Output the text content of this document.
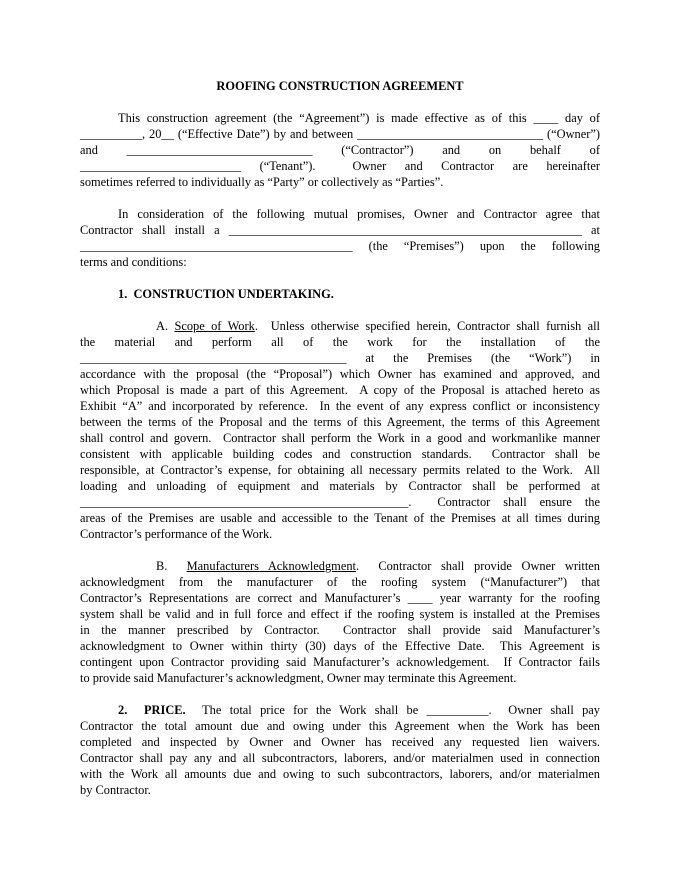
ROOFING CONSTRUCTION AGREEMENT
This construction agreement (the “Agreement”) is made effective as of this ____ day of
__________, 20__ (“Effective Date”) by and between ______________________________ (“Owner”)
and ______________________________ (“Contractor”) and on behalf of
__________________________ (“Tenant”).  Owner and Contractor are hereinafter
sometimes referred to individually as “Party” or collectively as “Parties”.
In consideration of the following mutual promises, Owner and Contractor agree that
Contractor shall install a _________________________________________________________ at
____________________________________________ (the “Premises”) upon the following
terms and conditions:
1.  CONSTRUCTION UNDERTAKING.
A. Scope of Work.  Unless otherwise specified herein, Contractor shall furnish all
the material and perform all of the work for the installation of the
___________________________________________ at the Premises (the “Work”) in
accordance with the proposal (the “Proposal”) which Owner has examined and approved, and
which Proposal is made a part of this Agreement.  A copy of the Proposal is attached hereto as
Exhibit “A” and incorporated by reference.  In the event of any express conflict or inconsistency
between the terms of the Proposal and the terms of this Agreement, the terms of this Agreement
shall control and govern.  Contractor shall perform the Work in a good and workmanlike manner
consistent with applicable building codes and construction standards.  Contractor shall be
responsible, at Contractor’s expense, for obtaining all necessary permits related to the Work.  All
loading and unloading of equipment and materials by Contractor shall be performed at
_____________________________________________________.  Contractor shall ensure the
areas of the Premises are usable and accessible to the Tenant of the Premises at all times during
Contractor’s performance of the Work.
B.  Manufacturers Acknowledgment.  Contractor shall provide Owner written
acknowledgment from the manufacturer of the roofing system (“Manufacturer”) that
Contractor’s Representations are correct and Manufacturer’s ____ year warranty for the roofing
system shall be valid and in full force and effect if the roofing system is installed at the Premises
in the manner prescribed by Contractor.  Contractor shall provide said Manufacturer’s
acknowledgment to Owner within thirty (30) days of the Effective Date.  This Agreement is
contingent upon Contractor providing said Manufacturer’s acknowledgement.  If Contractor fails
to provide said Manufacturer’s acknowledgment, Owner may terminate this Agreement.
2.  PRICE.  The total price for the Work shall be __________.  Owner shall pay
Contractor the total amount due and owing under this Agreement when the Work has been
completed and inspected by Owner and Owner has received any requested lien waivers.
Contractor shall pay any and all subcontractors, laborers, and/or materialmen used in connection
with the Work all amounts due and owing to such subcontractors, laborers, and/or materialmen
by Contractor.
